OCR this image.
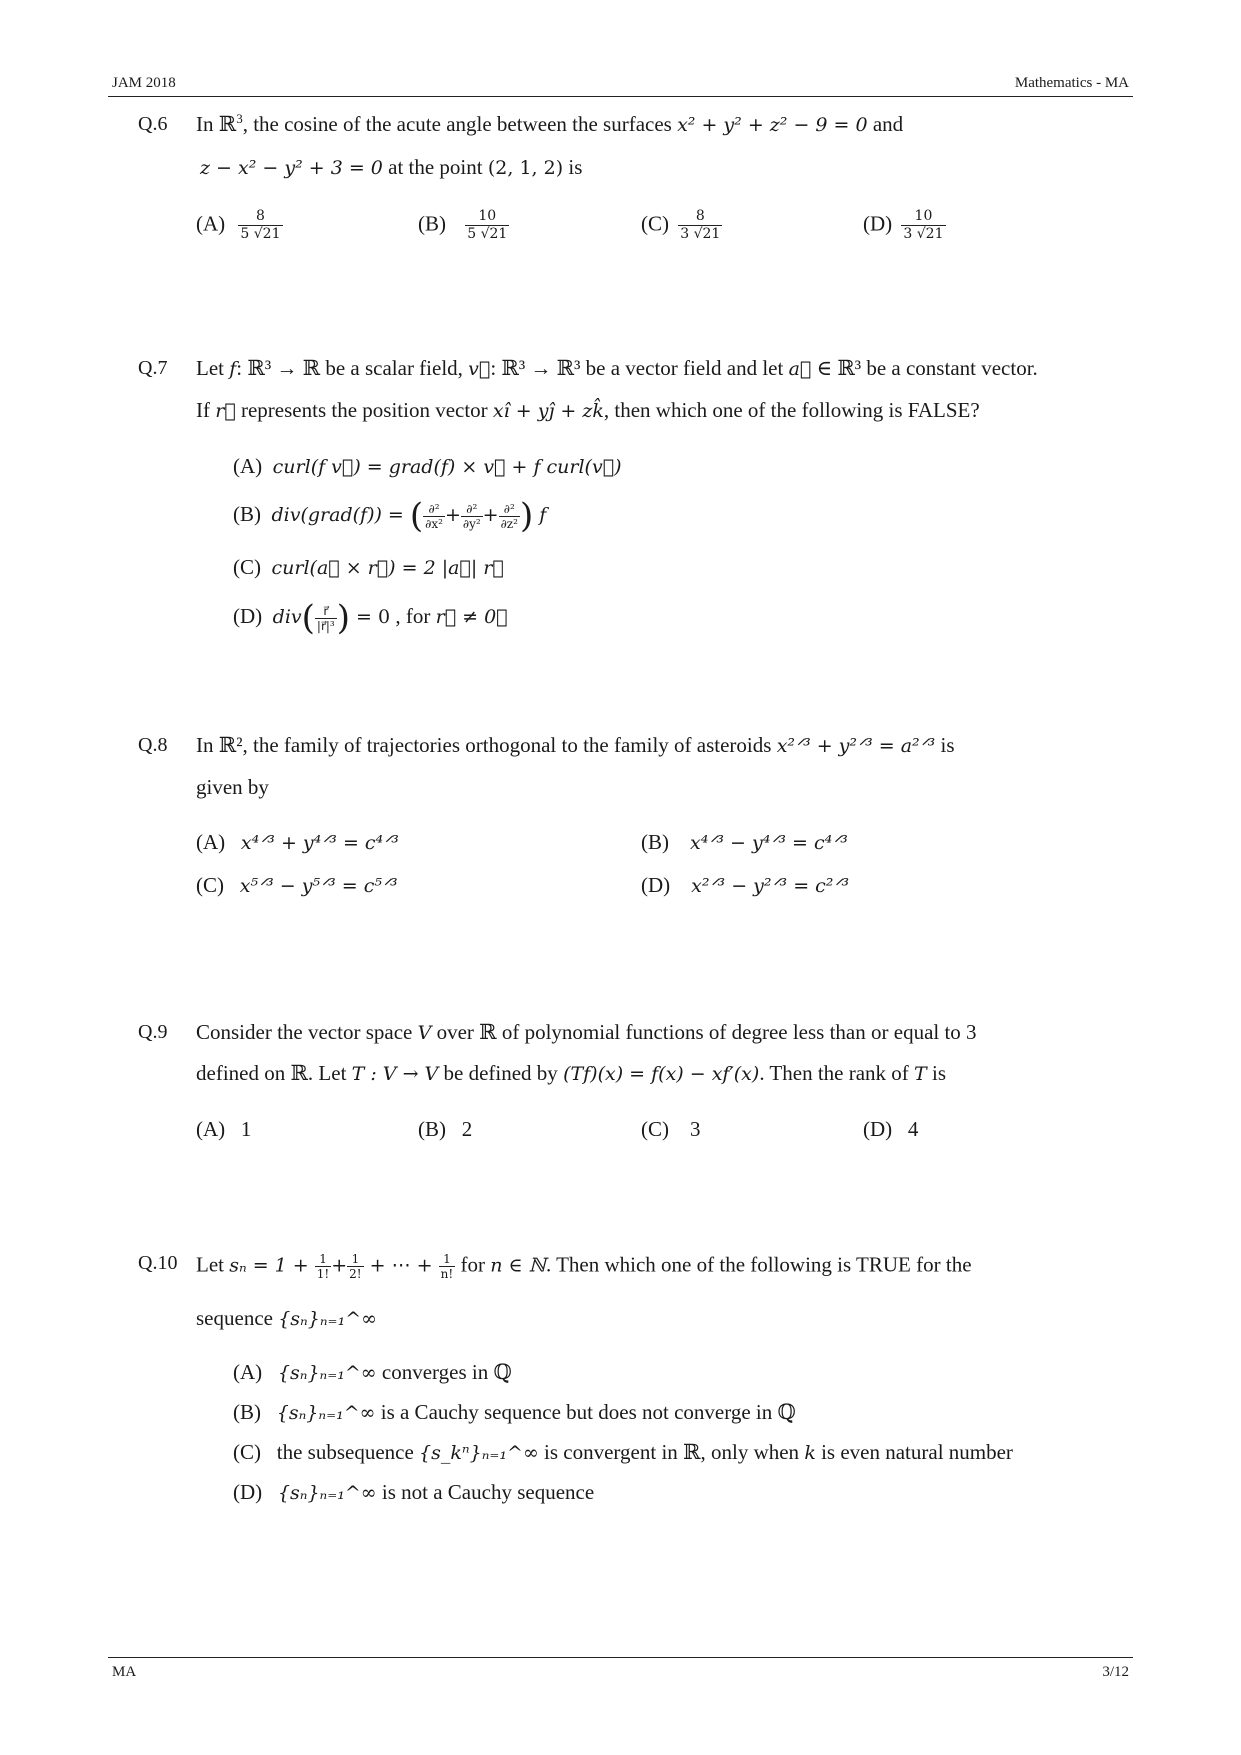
JAM 2018	Mathematics - MA
Q.6 In ℝ$^3$, the cosine of the acute angle between the surfaces x² + y² + z² − 9 = 0 and
z − x² − y² + 3 = 0 at the point (2, 1, 2) is
$(A) \frac{8}{5 √21}$	$(B) \frac{10}{5 √21}$	$(C) \frac{8}{3 √21}$	$(D) \frac{10}{3 √21}$
Q.7 Let f: ℝ³ → ℝ be a scalar field, v⃗: ℝ³ → ℝ³ be a vector field and let a⃗ ∈ ℝ³ be a constant vector.
If r⃗ represents the position vector xî + yĵ + zk̂, then which one of the following is FALSE?
(A) curl(f v⃗) = grad(f) × v⃗ + f curl(v⃗)
(B) div(grad(f)) = ( $\frac{\text{∂²}}{\text{∂x²}} + \frac{\text{∂²}}{\text{∂y²}} + \frac{\text{∂²}}{\text{∂z²}}$ ) f
(C) curl(a⃗ × r⃗) = 2 |a⃗| r⃗
(D) $div( \frac{r⃗}{\text{|r⃗|³}}$ ) = 0 , for r⃗ ≠ 0⃗
Q.8 In ℝ², the family of trajectories orthogonal to the family of asteroids x²ᐟ³ + y²ᐟ³ = a²ᐟ³ is
given by
(A) x⁴ᐟ³ + y⁴ᐟ³ = c⁴ᐟ³	(B) x⁴ᐟ³ − y⁴ᐟ³ = c⁴ᐟ³
(C) x⁵ᐟ³ − y⁵ᐟ³ = c⁵ᐟ³	(D) x²ᐟ³ − y²ᐟ³ = c²ᐟ³
Q.9 Consider the vector space V over ℝ of polynomial functions of degree less than or equal to 3
defined on ℝ. Let T : V → V be defined by (Tf)(x) = f(x) − xf′(x). Then the rank of T is
(A) 1	(B) 2	(C) 3	(D) 4
Q.10 Let $s_n = 1 + \frac{1}{1!} + \frac{1}{2!}$ + ⋯ + $\frac{1}{n!}$ for n ∈ ℕ. Then which one of the following is TRUE for the
sequence {sₙ}ₙ₌₁^∞
(A) {sₙ}ₙ₌₁^∞ converges in ℚ
(B) {sₙ}ₙ₌₁^∞ is a Cauchy sequence but does not converge in ℚ
(C) the subsequence {s_kⁿ}ₙ₌₁^∞ is convergent in ℝ, only when k is even natural number
(D) {sₙ}ₙ₌₁^∞ is not a Cauchy sequence
MA	3/12
